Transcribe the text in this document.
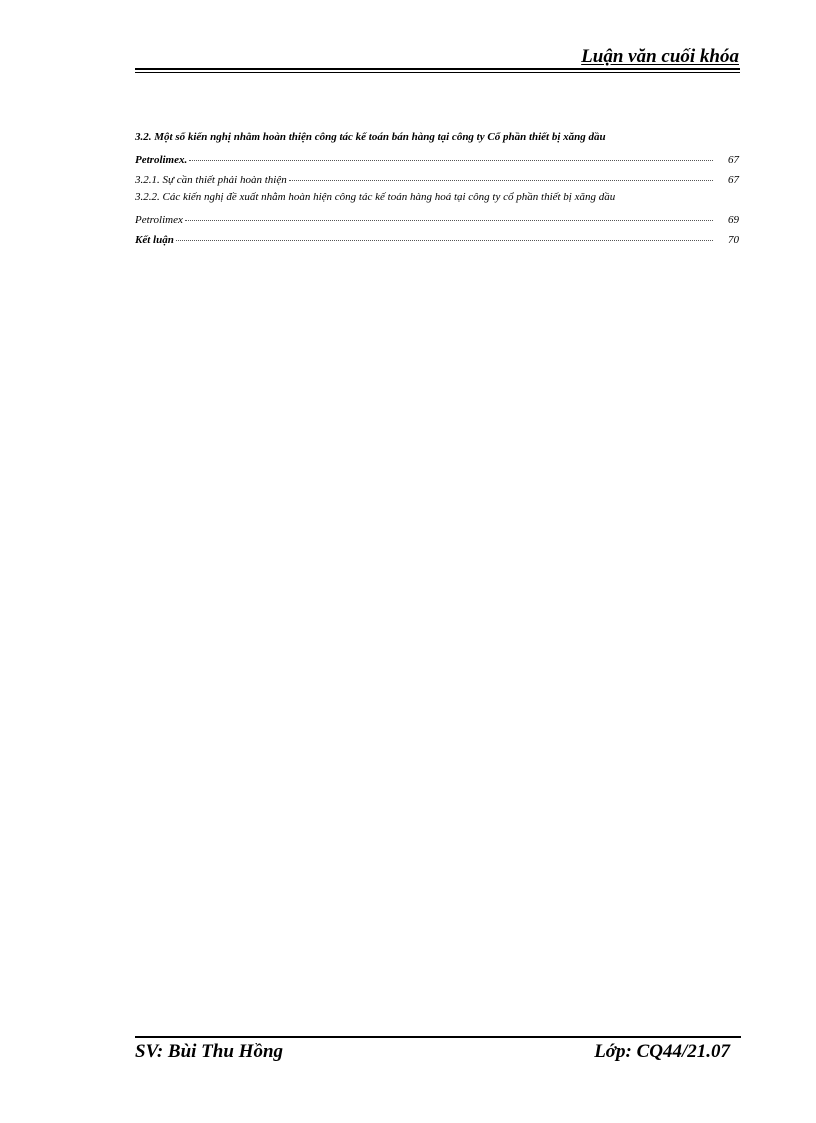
Luận văn cuối khóa
3.2. Một số kiến nghị nhằm hoàn thiện công tác kế toán bán hàng tại công ty Cổ phần thiết bị xăng dầu
Petrolimex.	67
3.2.1. Sự cần thiết phải hoàn thiện	67
3.2.2. Các kiến nghị đề xuất nhằm hoàn hiện công tác kế toán hàng hoá tại công ty cổ phần thiết bị xăng dầu
Petrolimex	69
Kết luận	70
SV: Bùi Thu Hồng	Lớp: CQ44/21.07
